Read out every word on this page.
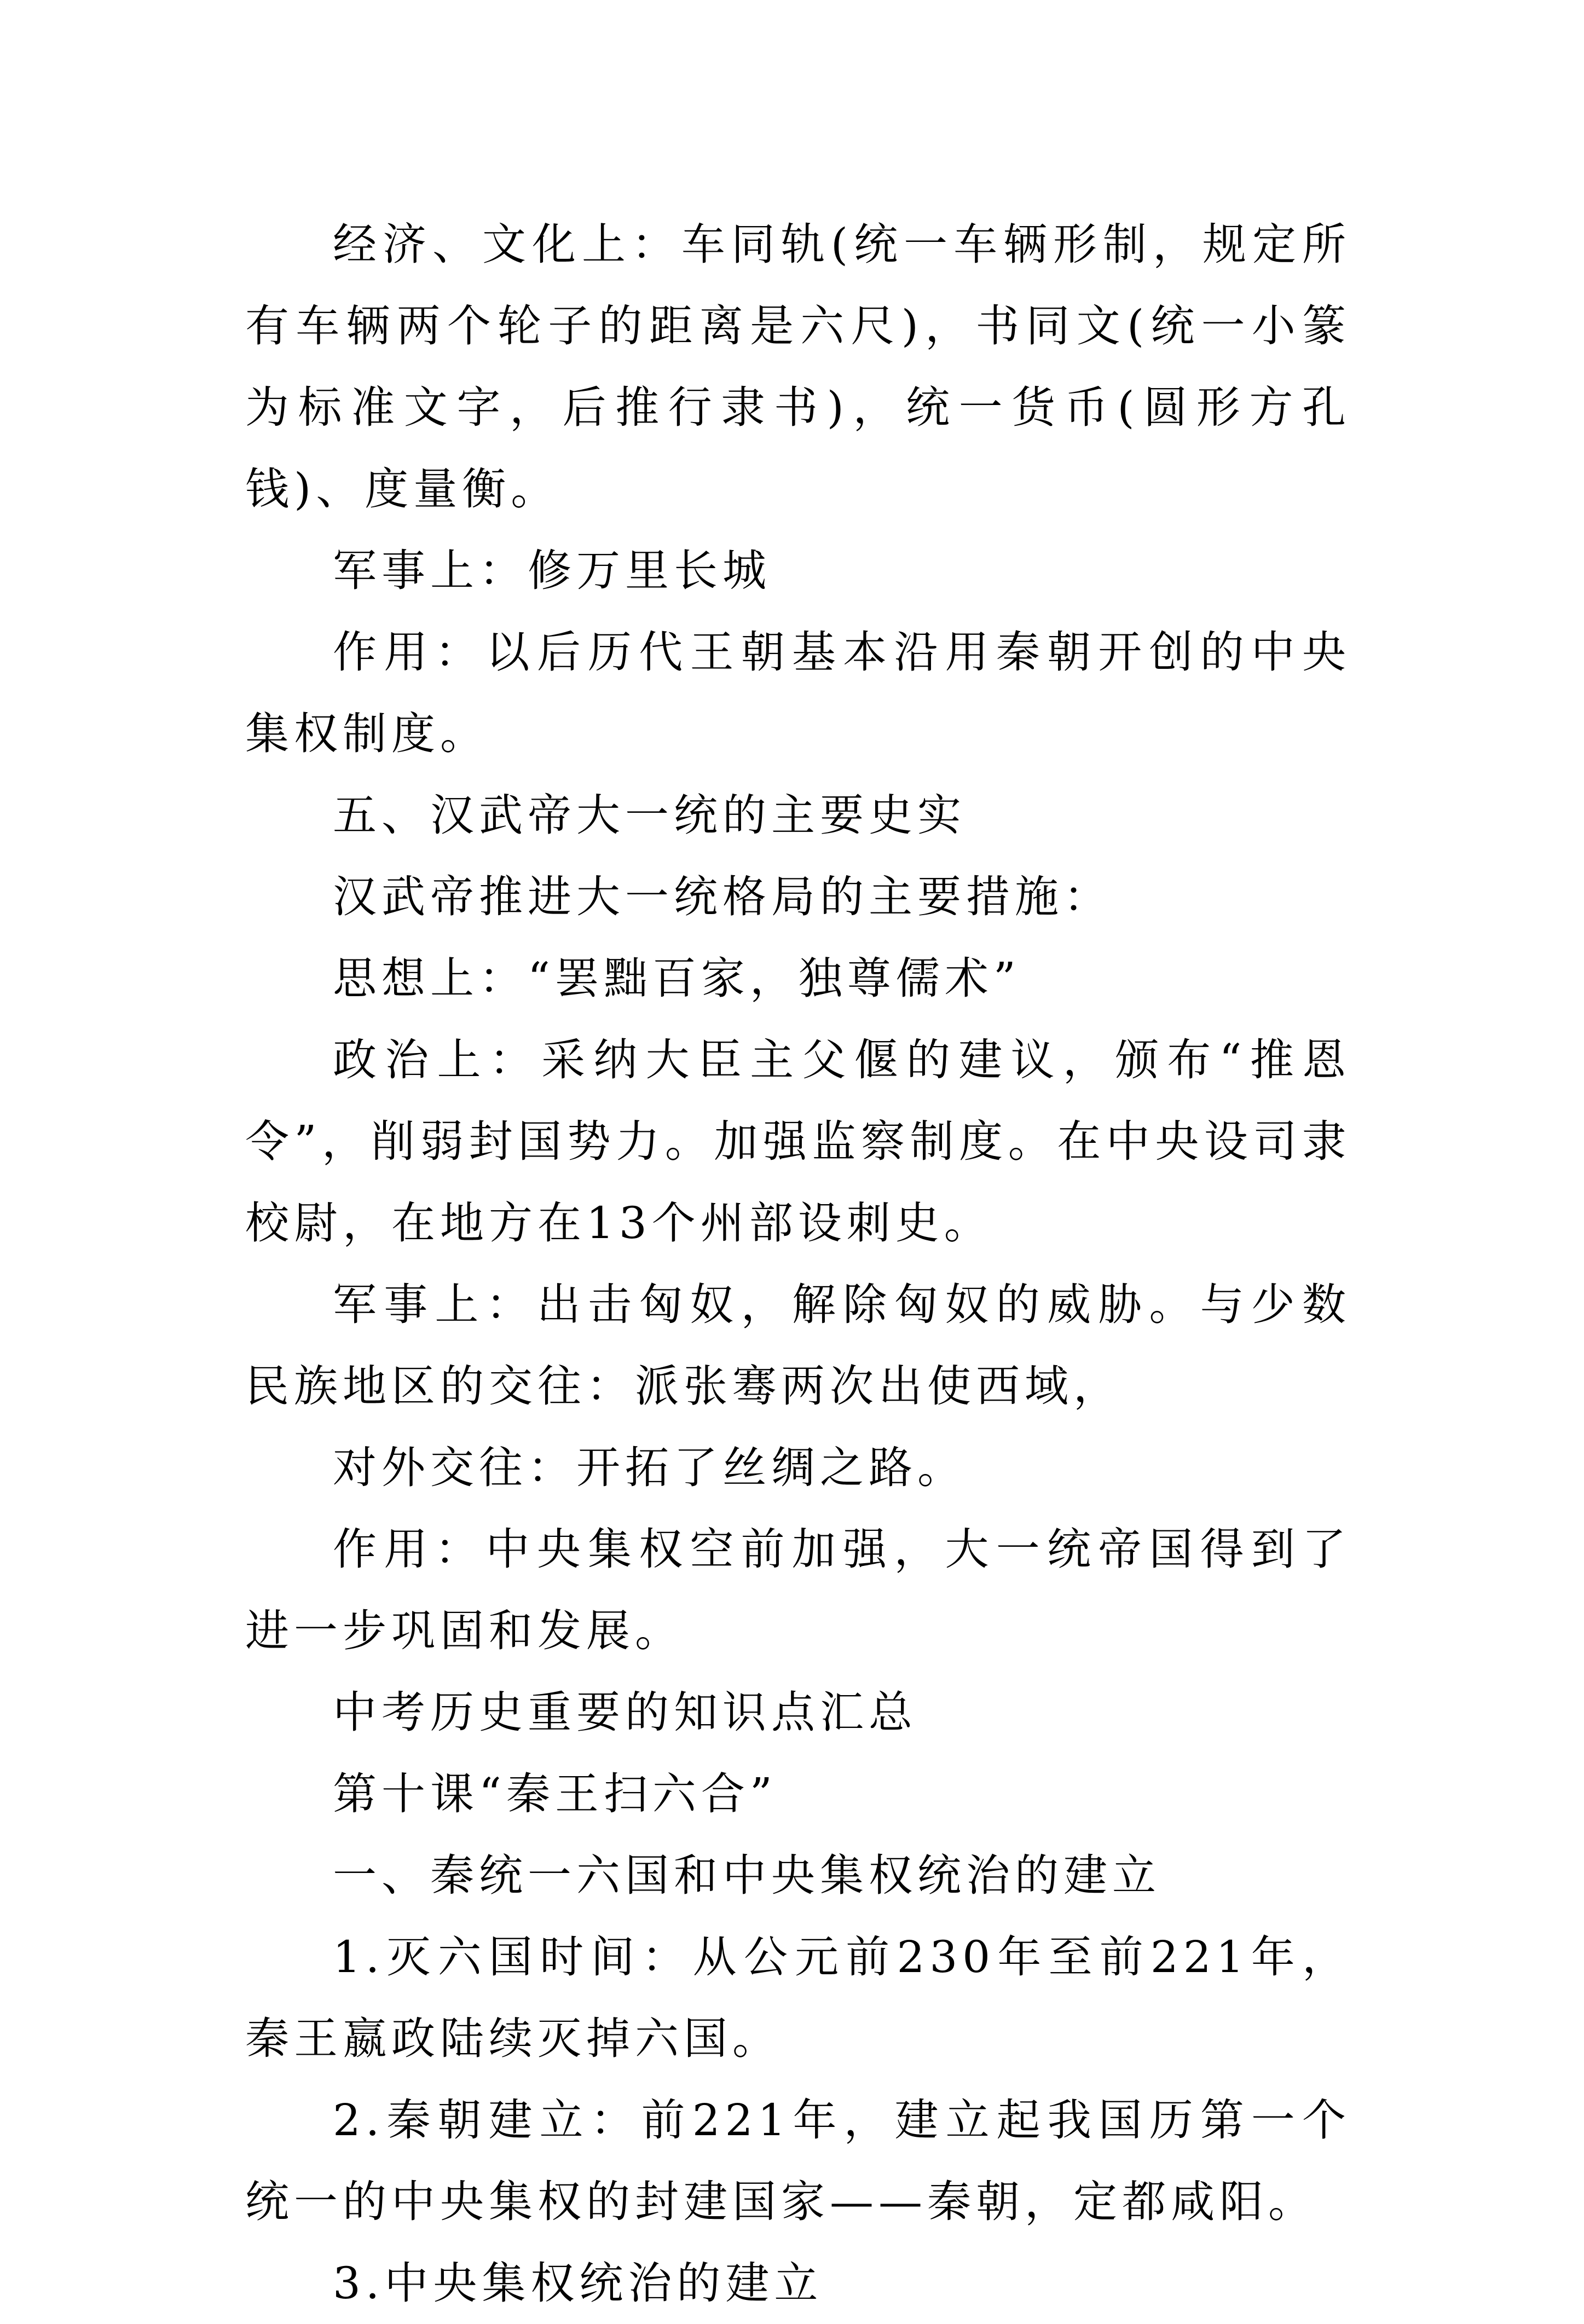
经济、文化上：车同轨(统一车辆形制，规定所有车辆两个轮子的距离是六尺)，书同文(统一小篆为标准文字，后推行隶书)，统一货币(圆形方孔钱)、度量衡。

军事上：修万里长城

作用：以后历代王朝基本沿用秦朝开创的中央集权制度。

五、汉武帝大一统的主要史实

汉武帝推进大一统格局的主要措施：

思想上：“罢黜百家，独尊儒术”

政治上：采纳大臣主父偃的建议，颁布“推恩令”，削弱封国势力。加强监察制度。在中央设司隶校尉，在地方在13个州部设刺史。

军事上：出击匈奴，解除匈奴的威胁。与少数民族地区的交往：派张骞两次出使西域，

对外交往：开拓了丝绸之路。

作用：中央集权空前加强，大一统帝国得到了进一步巩固和发展。

中考历史重要的知识点汇总

第十课“秦王扫六合”

一、秦统一六国和中央集权统治的建立

1.灭六国时间：从公元前230年至前221年，秦王嬴政陆续灭掉六国。

2.秦朝建立：前221年，建立起我国历第一个统一的中央集权的封建国家——秦朝，定都咸阳。

3.中央集权统治的建立
